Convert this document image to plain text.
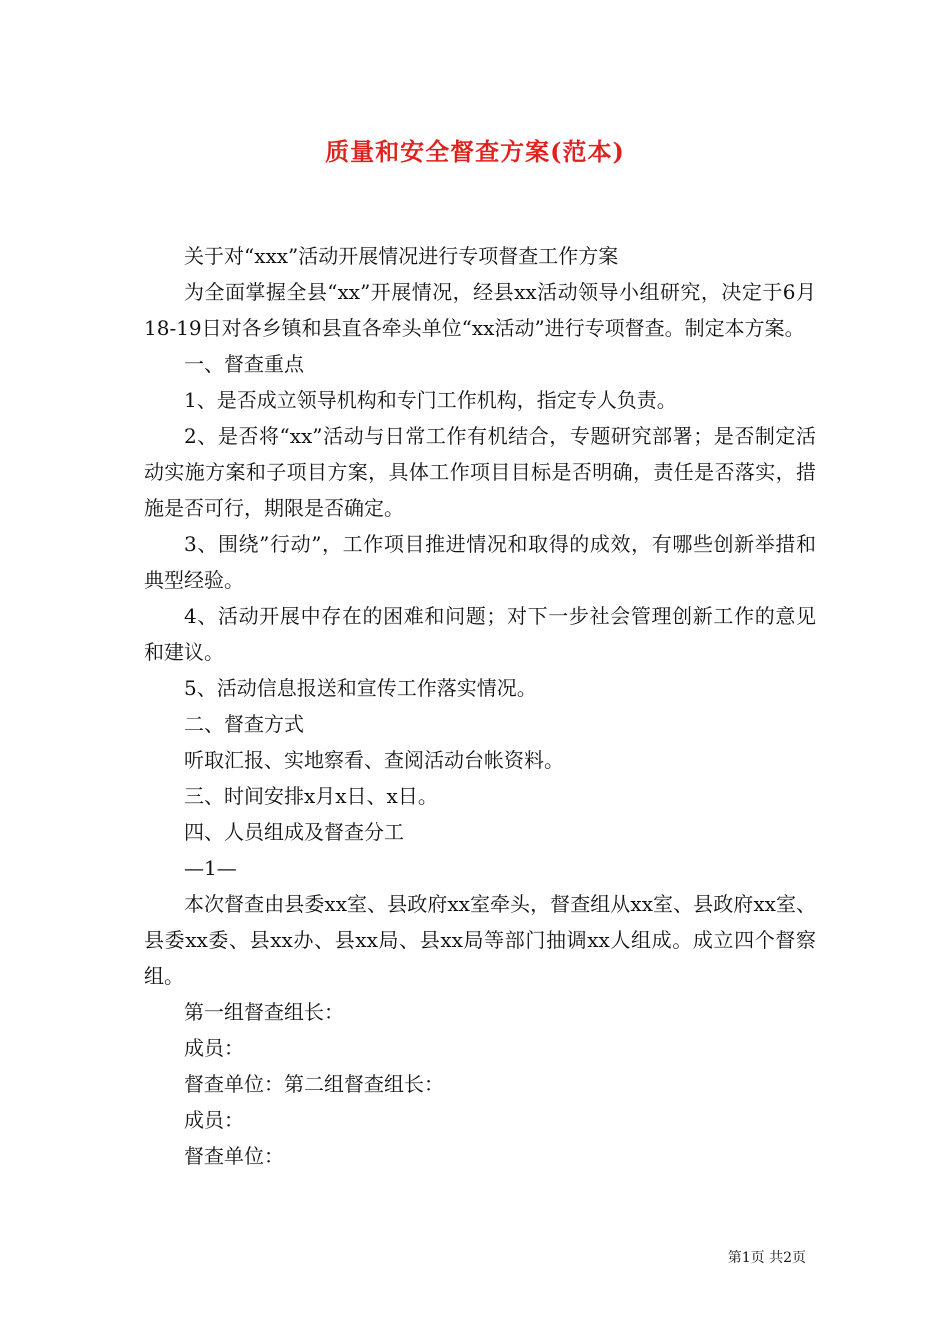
质量和安全督查方案(范本)

关于对“xxx”活动开展情况进行专项督查工作方案

为全面掌握全县“xx”开展情况，经县xx活动领导小组研究，决定于6月18-19日对各乡镇和县直各牵头单位“xx活动”进行专项督查。制定本方案。

一、督查重点

1、是否成立领导机构和专门工作机构，指定专人负责。

2、是否将“xx”活动与日常工作有机结合，专题研究部署；是否制定活动实施方案和子项目方案，具体工作项目目标是否明确，责任是否落实，措施是否可行，期限是否确定。

3、围绕”行动”，工作项目推进情况和取得的成效，有哪些创新举措和典型经验。

4、活动开展中存在的困难和问题；对下一步社会管理创新工作的意见和建议。

5、活动信息报送和宣传工作落实情况。

二、督查方式

听取汇报、实地察看、查阅活动台帐资料。

三、时间安排x月x日、x日。

四、人员组成及督查分工

—1—

本次督查由县委xx室、县政府xx室牵头，督查组从xx室、县政府xx室、县委xx委、县xx办、县xx局、县xx局等部门抽调xx人组成。成立四个督察组。

第一组督查组长：

成员：

督查单位：第二组督查组长：

成员：

督查单位：

第1页 共2页
